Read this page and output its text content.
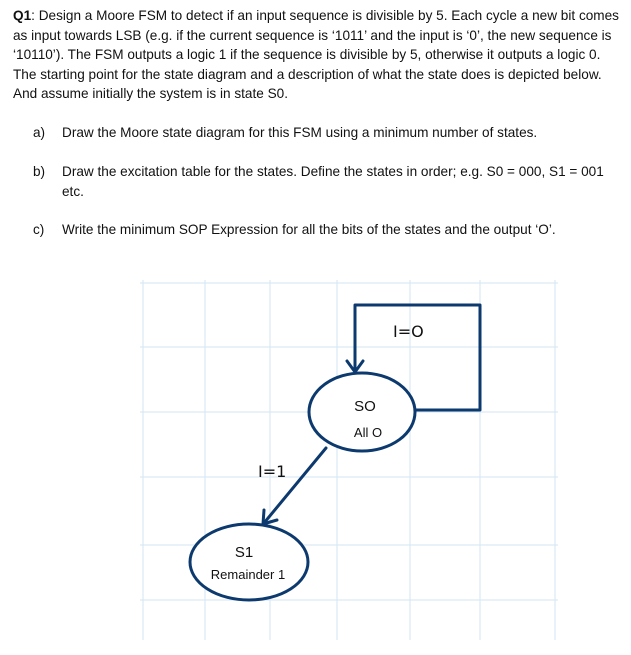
Q1: Design a Moore FSM to detect if an input sequence is divisible by 5. Each cycle a new bit comes as input towards LSB (e.g. if the current sequence is ‘1011’ and the input is ‘0’, the new sequence is ‘10110’). The FSM outputs a logic 1 if the sequence is divisible by 5, otherwise it outputs a logic 0. The starting point for the state diagram and a description of what the state does is depicted below. And assume initially the system is in state S0.
a) Draw the Moore state diagram for this FSM using a minimum number of states.
b) Draw the excitation table for the states. Define the states in order; e.g. S0 = 000, S1 = 001 etc.
c) Write the minimum SOP Expression for all the bits of the states and the output ‘O’.
I=O
I=1
SO
All O
S1
Remainder 1
